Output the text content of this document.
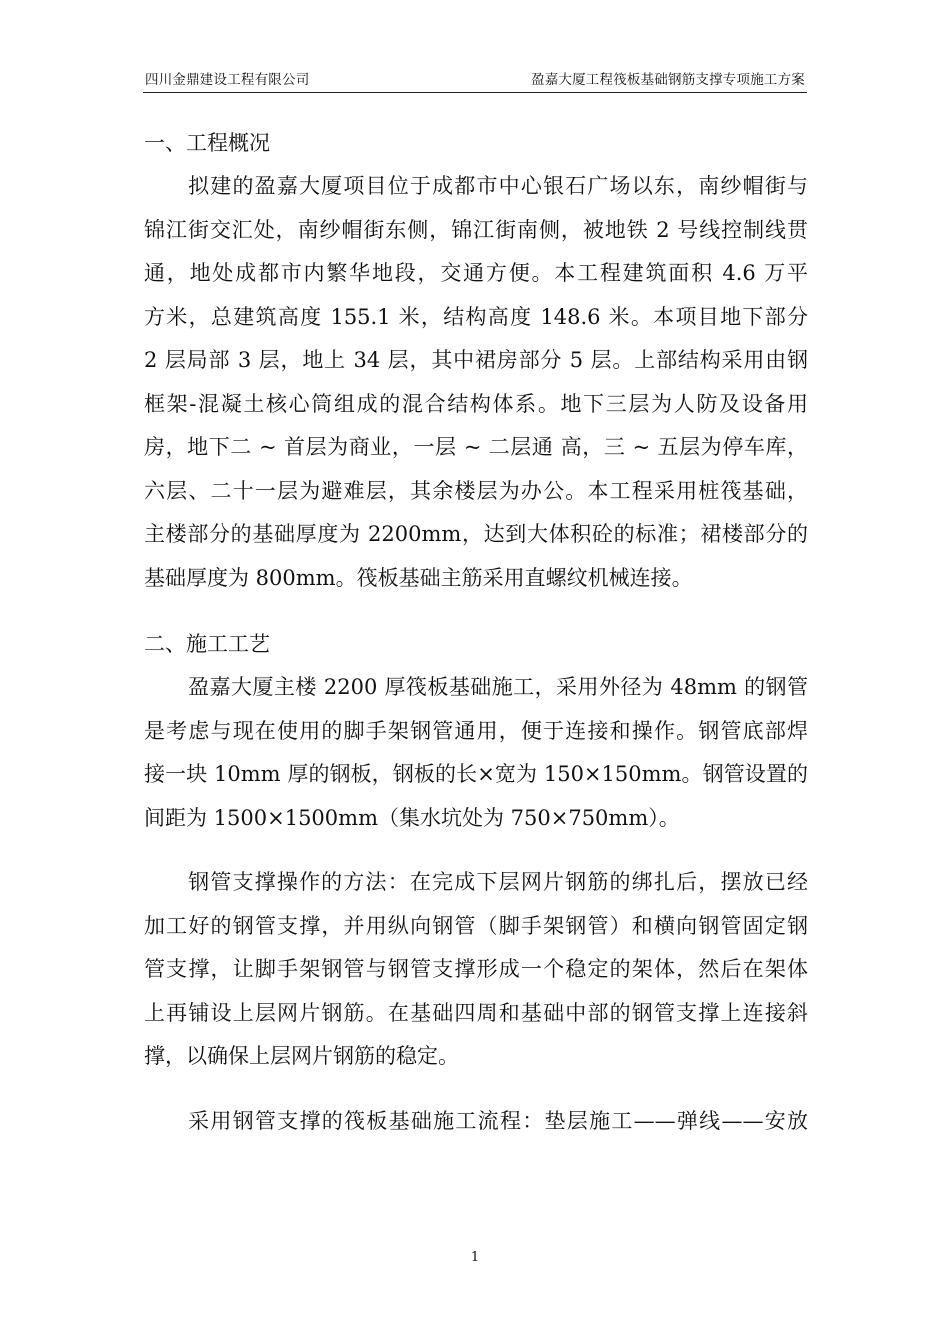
四川金鼎建设工程有限公司	盈嘉大厦工程筏板基础钢筋支撑专项施工方案
一、工程概况

拟建的盈嘉大厦项目位于成都市中心银石广场以东，南纱帽街与
锦江街交汇处，南纱帽街东侧，锦江街南侧，被地铁 2 号线控制线贯
通，地处成都市内繁华地段，交通方便。本工程建筑面积 4.6 万平
方米，总建筑高度 155.1 米，结构高度 148.6 米。本项目地下部分
2 层局部 3 层，地上 34 层，其中裙房部分 5 层。上部结构采用由钢
框架-混凝土核心筒组成的混合结构体系。地下三层为人防及设备用
房，地下二 ~ 首层为商业，一层 ~ 二层通 高，三 ~ 五层为停车库，
六层、二十一层为避难层，其余楼层为办公。本工程采用桩筏基础，
主楼部分的基础厚度为 2200mm，达到大体积砼的标准；裙楼部分的
基础厚度为 800mm。筏板基础主筋采用直螺纹机械连接。

二、施工工艺

盈嘉大厦主楼 2200 厚筏板基础施工，采用外径为 48mm 的钢管
是考虑与现在使用的脚手架钢管通用，便于连接和操作。钢管底部焊
接一块 10mm 厚的钢板，钢板的长×宽为 150×150mm。钢管设置的
间距为 1500×1500mm（集水坑处为 750×750mm）。

钢管支撑操作的方法：在完成下层网片钢筋的绑扎后，摆放已经
加工好的钢管支撑，并用纵向钢管（脚手架钢管）和横向钢管固定钢
管支撑，让脚手架钢管与钢管支撑形成一个稳定的架体，然后在架体
上再铺设上层网片钢筋。在基础四周和基础中部的钢管支撑上连接斜
撑，以确保上层网片钢筋的稳定。

采用钢管支撑的筏板基础施工流程：垫层施工——弹线——安放

1
